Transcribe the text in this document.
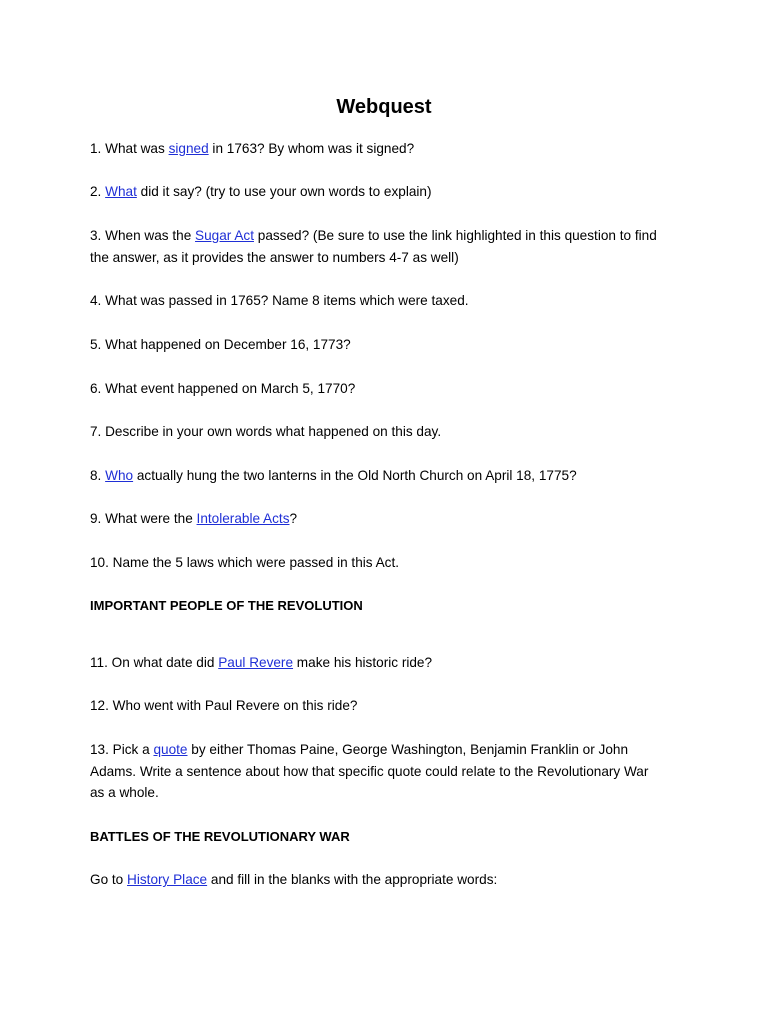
Webquest
1. What was signed in 1763? By whom was it signed?
2. What did it say? (try to use your own words to explain)
3. When was the Sugar Act passed? (Be sure to use the link highlighted in this question to find
the answer, as it provides the answer to numbers 4-7 as well)
4. What was passed in 1765? Name 8 items which were taxed.
5. What happened on December 16, 1773?
6. What event happened on March 5, 1770?
7. Describe in your own words what happened on this day.
8. Who actually hung the two lanterns in the Old North Church on April 18, 1775?
9. What were the Intolerable Acts?
10. Name the 5 laws which were passed in this Act.
IMPORTANT PEOPLE OF THE REVOLUTION
11. On what date did Paul Revere make his historic ride?
12. Who went with Paul Revere on this ride?
13. Pick a quote by either Thomas Paine, George Washington, Benjamin Franklin or John
Adams. Write a sentence about how that specific quote could relate to the Revolutionary War
as a whole.
BATTLES OF THE REVOLUTIONARY WAR
Go to History Place and fill in the blanks with the appropriate words:
